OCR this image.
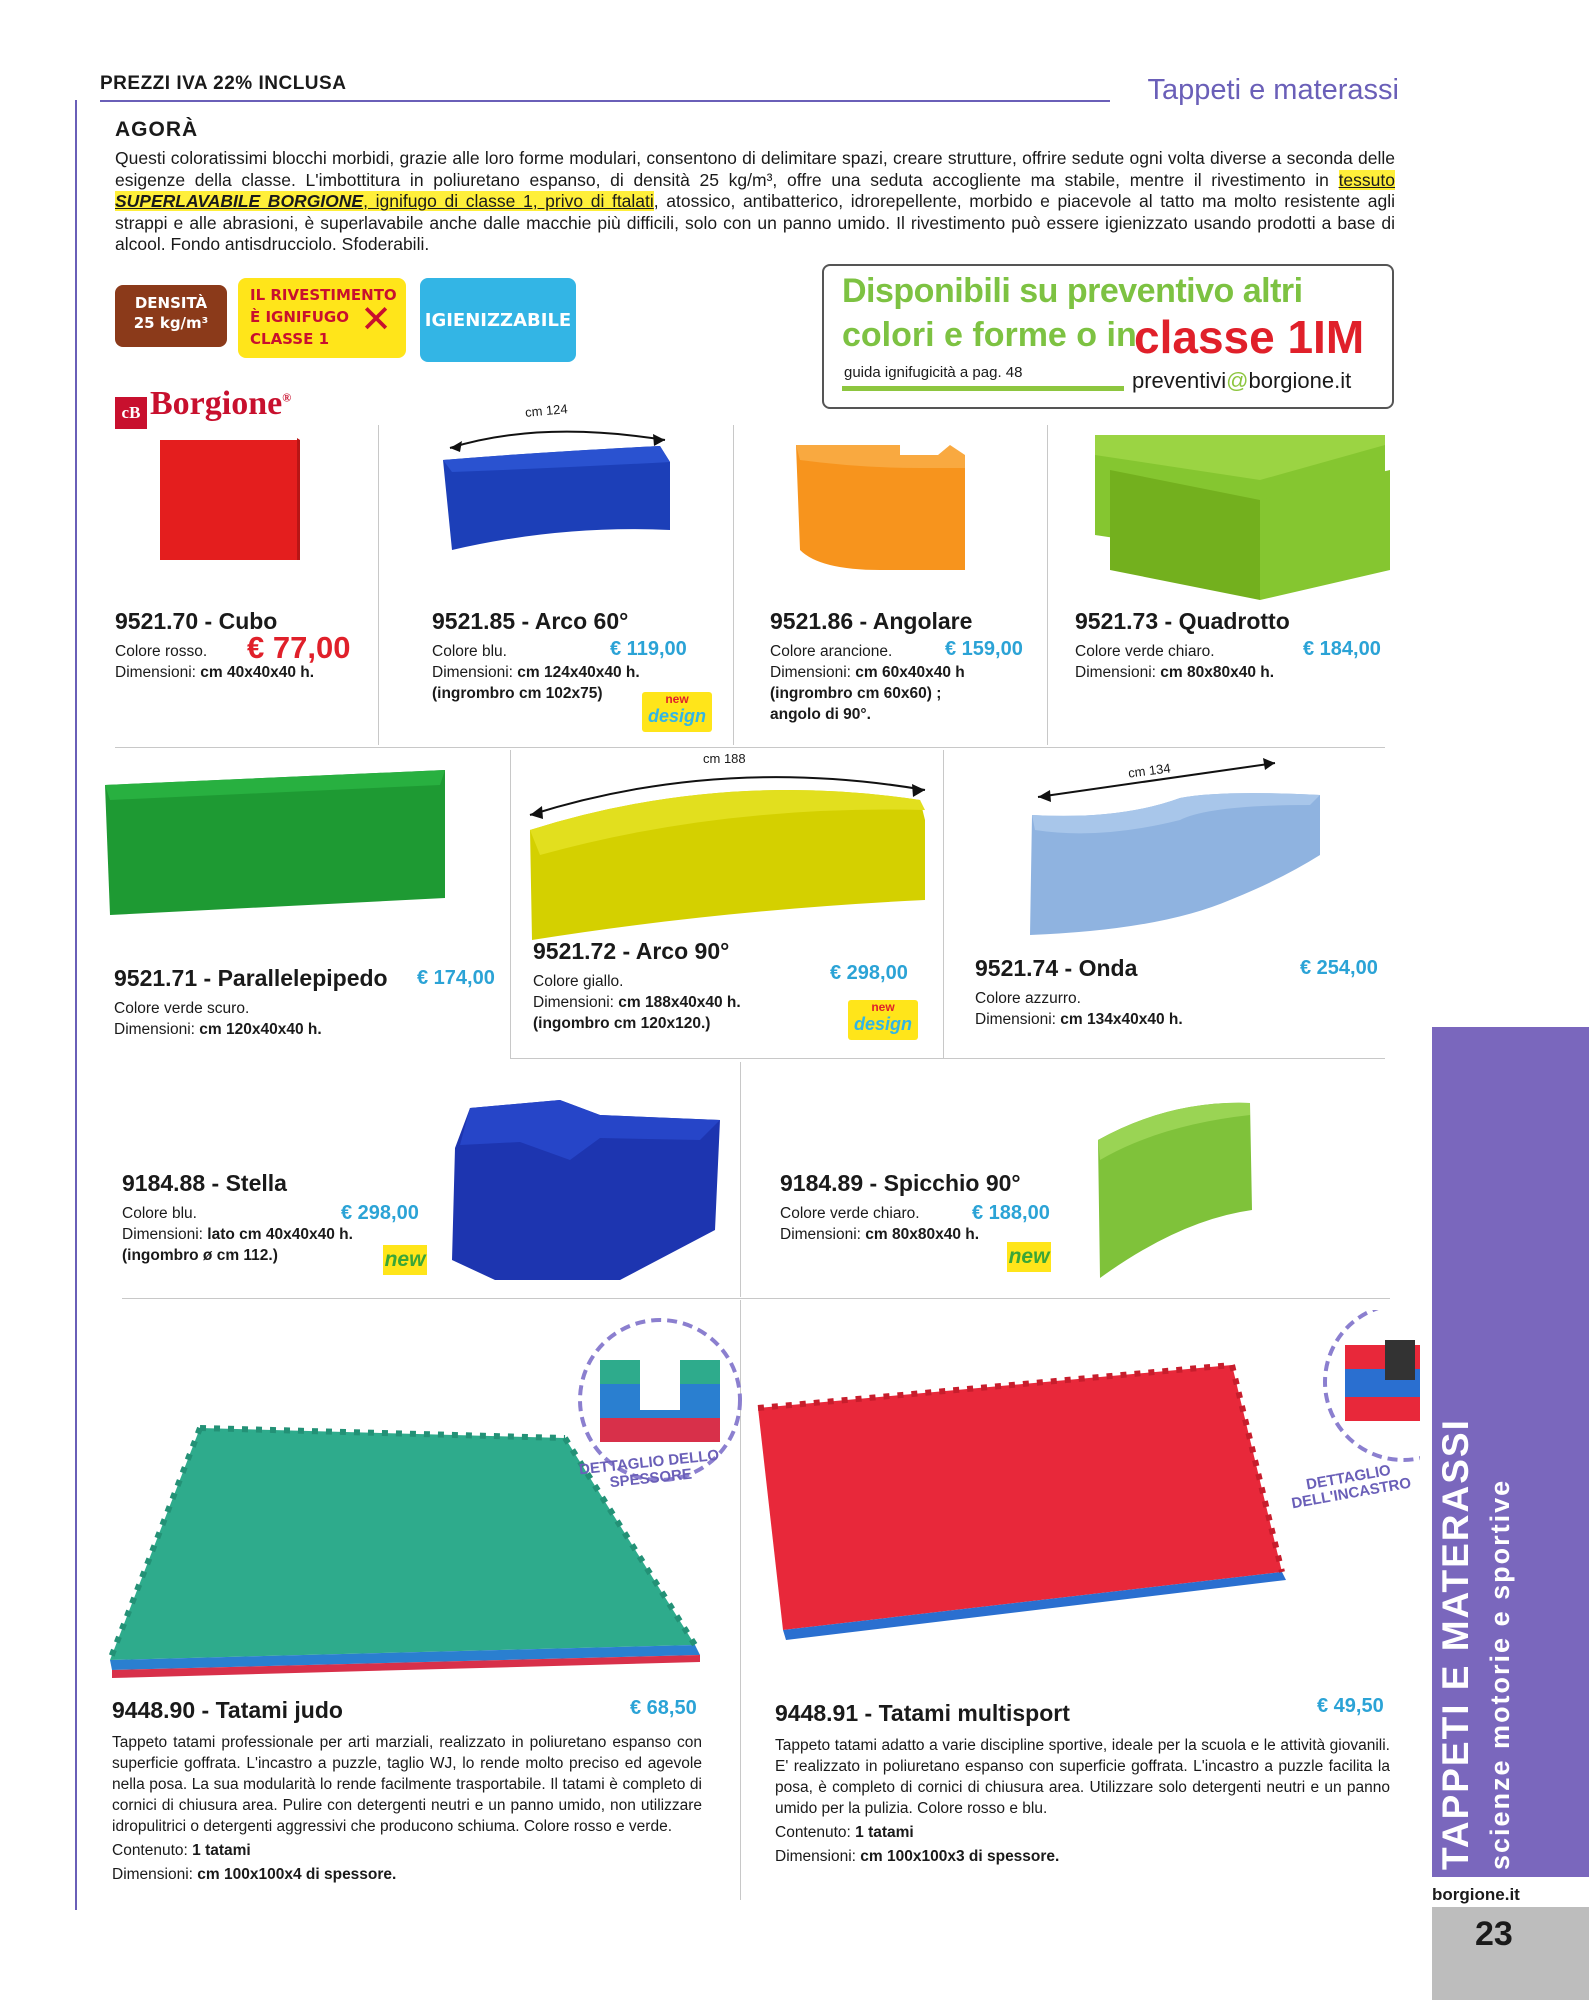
PREZZI IVA 22% INCLUSA	Tappeti e materassi
AGORÀ
Questi coloratissimi blocchi morbidi, grazie alle loro forme modulari, consentono di delimitare spazi, creare strutture, offrire sedute ogni volta diverse a seconda delle esigenze della classe. L'imbottitura in poliuretano espanso, di densità 25 kg/m³, offre una seduta accogliente ma stabile, mentre il rivestimento in tessuto SUPERLAVABILE BORGIONE, ignifugo di classe 1, privo di ftalati, atossico, antibatterico, idrorepellente, morbido e piacevole al tatto ma molto resistente agli strappi e alle abrasioni, è superlavabile anche dalle macchie più difficili, solo con un panno umido. Il rivestimento può essere igienizzato usando prodotti a base di alcool. Fondo antisdrucciolo. Sfoderabili.
DENSITÀ
25 kg/m³
IL RIVESTIMENTO
È IGNIFUGO
CLASSE 1 ✕ IGIENIZZABILE
Disponibili su preventivo altri
colori e forme o in
classe 1IM
guida ignifugicità a pag. 48	preventivi@borgione.it
cB Borgione®
cm 124
cm 188
cm 134
9521.70 - Cubo
Colore rosso.
Dimensioni: cm 40x40x40 h.
€ 77,00
9521.85 - Arco 60°
Colore blu.
Dimensioni: cm 124x40x40 h.
(ingrombro cm 102x75)
€ 119,00
new
design
9521.86 - Angolare
Colore arancione.
Dimensioni: cm 60x40x40 h
(ingrombro cm 60x60) ;
angolo di 90°.
€ 159,00
9521.73 - Quadrotto
Colore verde chiaro.
Dimensioni: cm 80x80x40 h.
€ 184,00
9521.71 - Parallelepipedo
Colore verde scuro.
Dimensioni: cm 120x40x40 h.
€ 174,00
9521.72 - Arco 90°
Colore giallo.
Dimensioni: cm 188x40x40 h.
(ingombro cm 120x120.)
€ 298,00
new
design
9521.74 - Onda
Colore azzurro.
Dimensioni: cm 134x40x40 h.
€ 254,00
9184.88 - Stella
Colore blu.
Dimensioni: lato cm 40x40x40 h.
(ingombro ø cm 112.)
€ 298,00
new
9184.89 - Spicchio 90°
Colore verde chiaro.
Dimensioni: cm 80x80x40 h.
€ 188,00
new
DETTAGLIO DELLO SPESSORE	DETTAGLIO DELL'INCASTRO
9448.90 - Tatami judo
Tappeto tatami professionale per arti marziali, realizzato in poliuretano espanso con superficie goffrata. L'incastro a puzzle, taglio WJ, lo rende molto preciso ed agevole nella posa. La sua modularità lo rende facilmente trasportabile. Il tatami è completo di cornici di chiusura area. Pulire con detergenti neutri e un panno umido, non utilizzare idropulitrici o detergenti aggressivi che producono schiuma. Colore rosso e verde.
Contenuto: 1 tatami
Dimensioni: cm 100x100x4 di spessore.
€ 68,50	9448.91 - Tatami multisport
Tappeto tatami adatto a varie discipline sportive, ideale per la scuola e le attività giovanili. E' realizzato in poliuretano espanso con superficie goffrata. L'incastro a puzzle facilita la posa, è completo di cornici di chiusura area. Utilizzare solo detergenti neutri e un panno umido per la pulizia. Colore rosso e blu.
Contenuto: 1 tatami
Dimensioni: cm 100x100x3 di spessore.
€ 49,50 TAPPETI E MATERASSI scienze motorie e sportive
borgione.it
23
